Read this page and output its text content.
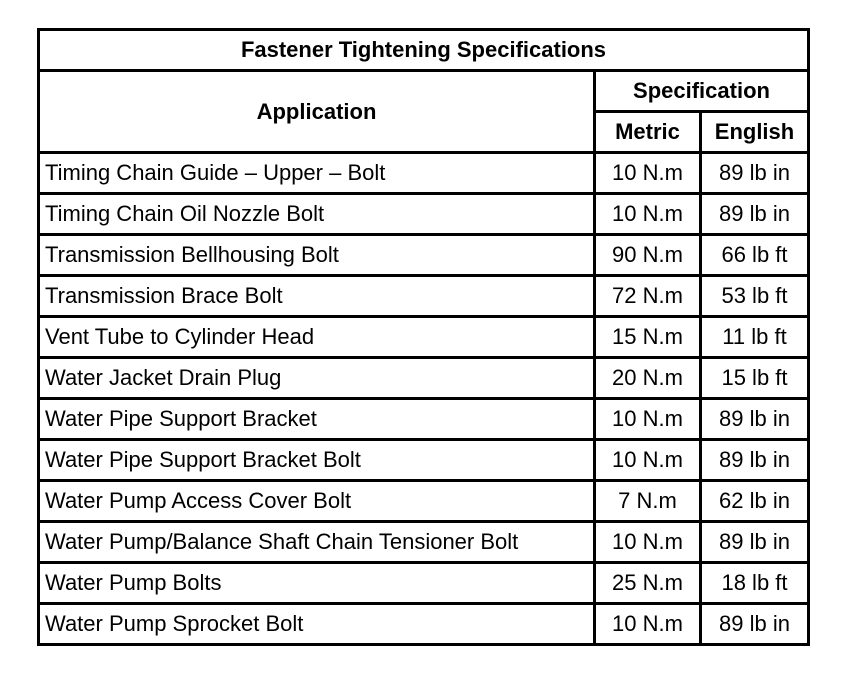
Fastener Tightening Specifications		
Application	Specification	
	Metric	English
Timing Chain Guide – Upper – Bolt	10 N.m	89 lb in
Timing Chain Oil Nozzle Bolt	10 N.m	89 lb in
Transmission Bellhousing Bolt	90 N.m	66 lb ft
Transmission Brace Bolt	72 N.m	53 lb ft
Vent Tube to Cylinder Head	15 N.m	11 lb ft
Water Jacket Drain Plug	20 N.m	15 lb ft
Water Pipe Support Bracket	10 N.m	89 lb in
Water Pipe Support Bracket Bolt	10 N.m	89 lb in
Water Pump Access Cover Bolt	7 N.m	62 lb in
Water Pump/Balance Shaft Chain Tensioner Bolt	10 N.m	89 lb in
Water Pump Bolts	25 N.m	18 lb ft
Water Pump Sprocket Bolt	10 N.m	89 lb in
